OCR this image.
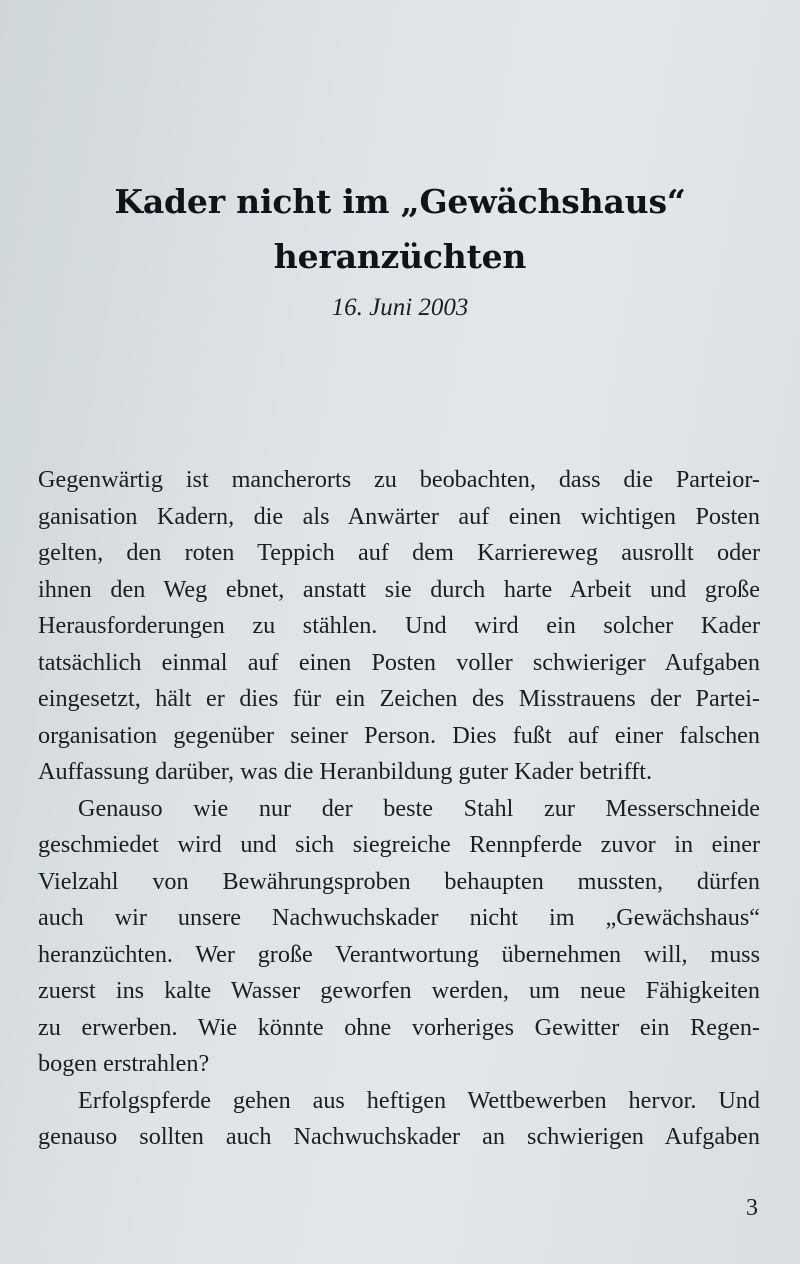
Kader nicht im „Gewächshaus“
heranzüchten
16. Juni 2003
Gegenwärtig ist mancherorts zu beobachten, dass die Parteior-
ganisation Kadern, die als Anwärter auf einen wichtigen Posten
gelten, den roten Teppich auf dem Karriereweg ausrollt oder
ihnen den Weg ebnet, anstatt sie durch harte Arbeit und große
Herausforderungen zu stählen. Und wird ein solcher Kader
tatsächlich einmal auf einen Posten voller schwieriger Aufgaben
eingesetzt, hält er dies für ein Zeichen des Misstrauens der Partei-
organisation gegenüber seiner Person. Dies fußt auf einer falschen
Auffassung darüber, was die Heranbildung guter Kader betrifft.
Genauso wie nur der beste Stahl zur Messerschneide
geschmiedet wird und sich siegreiche Rennpferde zuvor in einer
Vielzahl von Bewährungsproben behaupten mussten, dürfen
auch wir unsere Nachwuchskader nicht im „Gewächshaus“
heranzüchten. Wer große Verantwortung übernehmen will, muss
zuerst ins kalte Wasser geworfen werden, um neue Fähigkeiten
zu erwerben. Wie könnte ohne vorheriges Gewitter ein Regen-
bogen erstrahlen?
Erfolgspferde gehen aus heftigen Wettbewerben hervor. Und
genauso sollten auch Nachwuchskader an schwierigen Aufgaben
3
